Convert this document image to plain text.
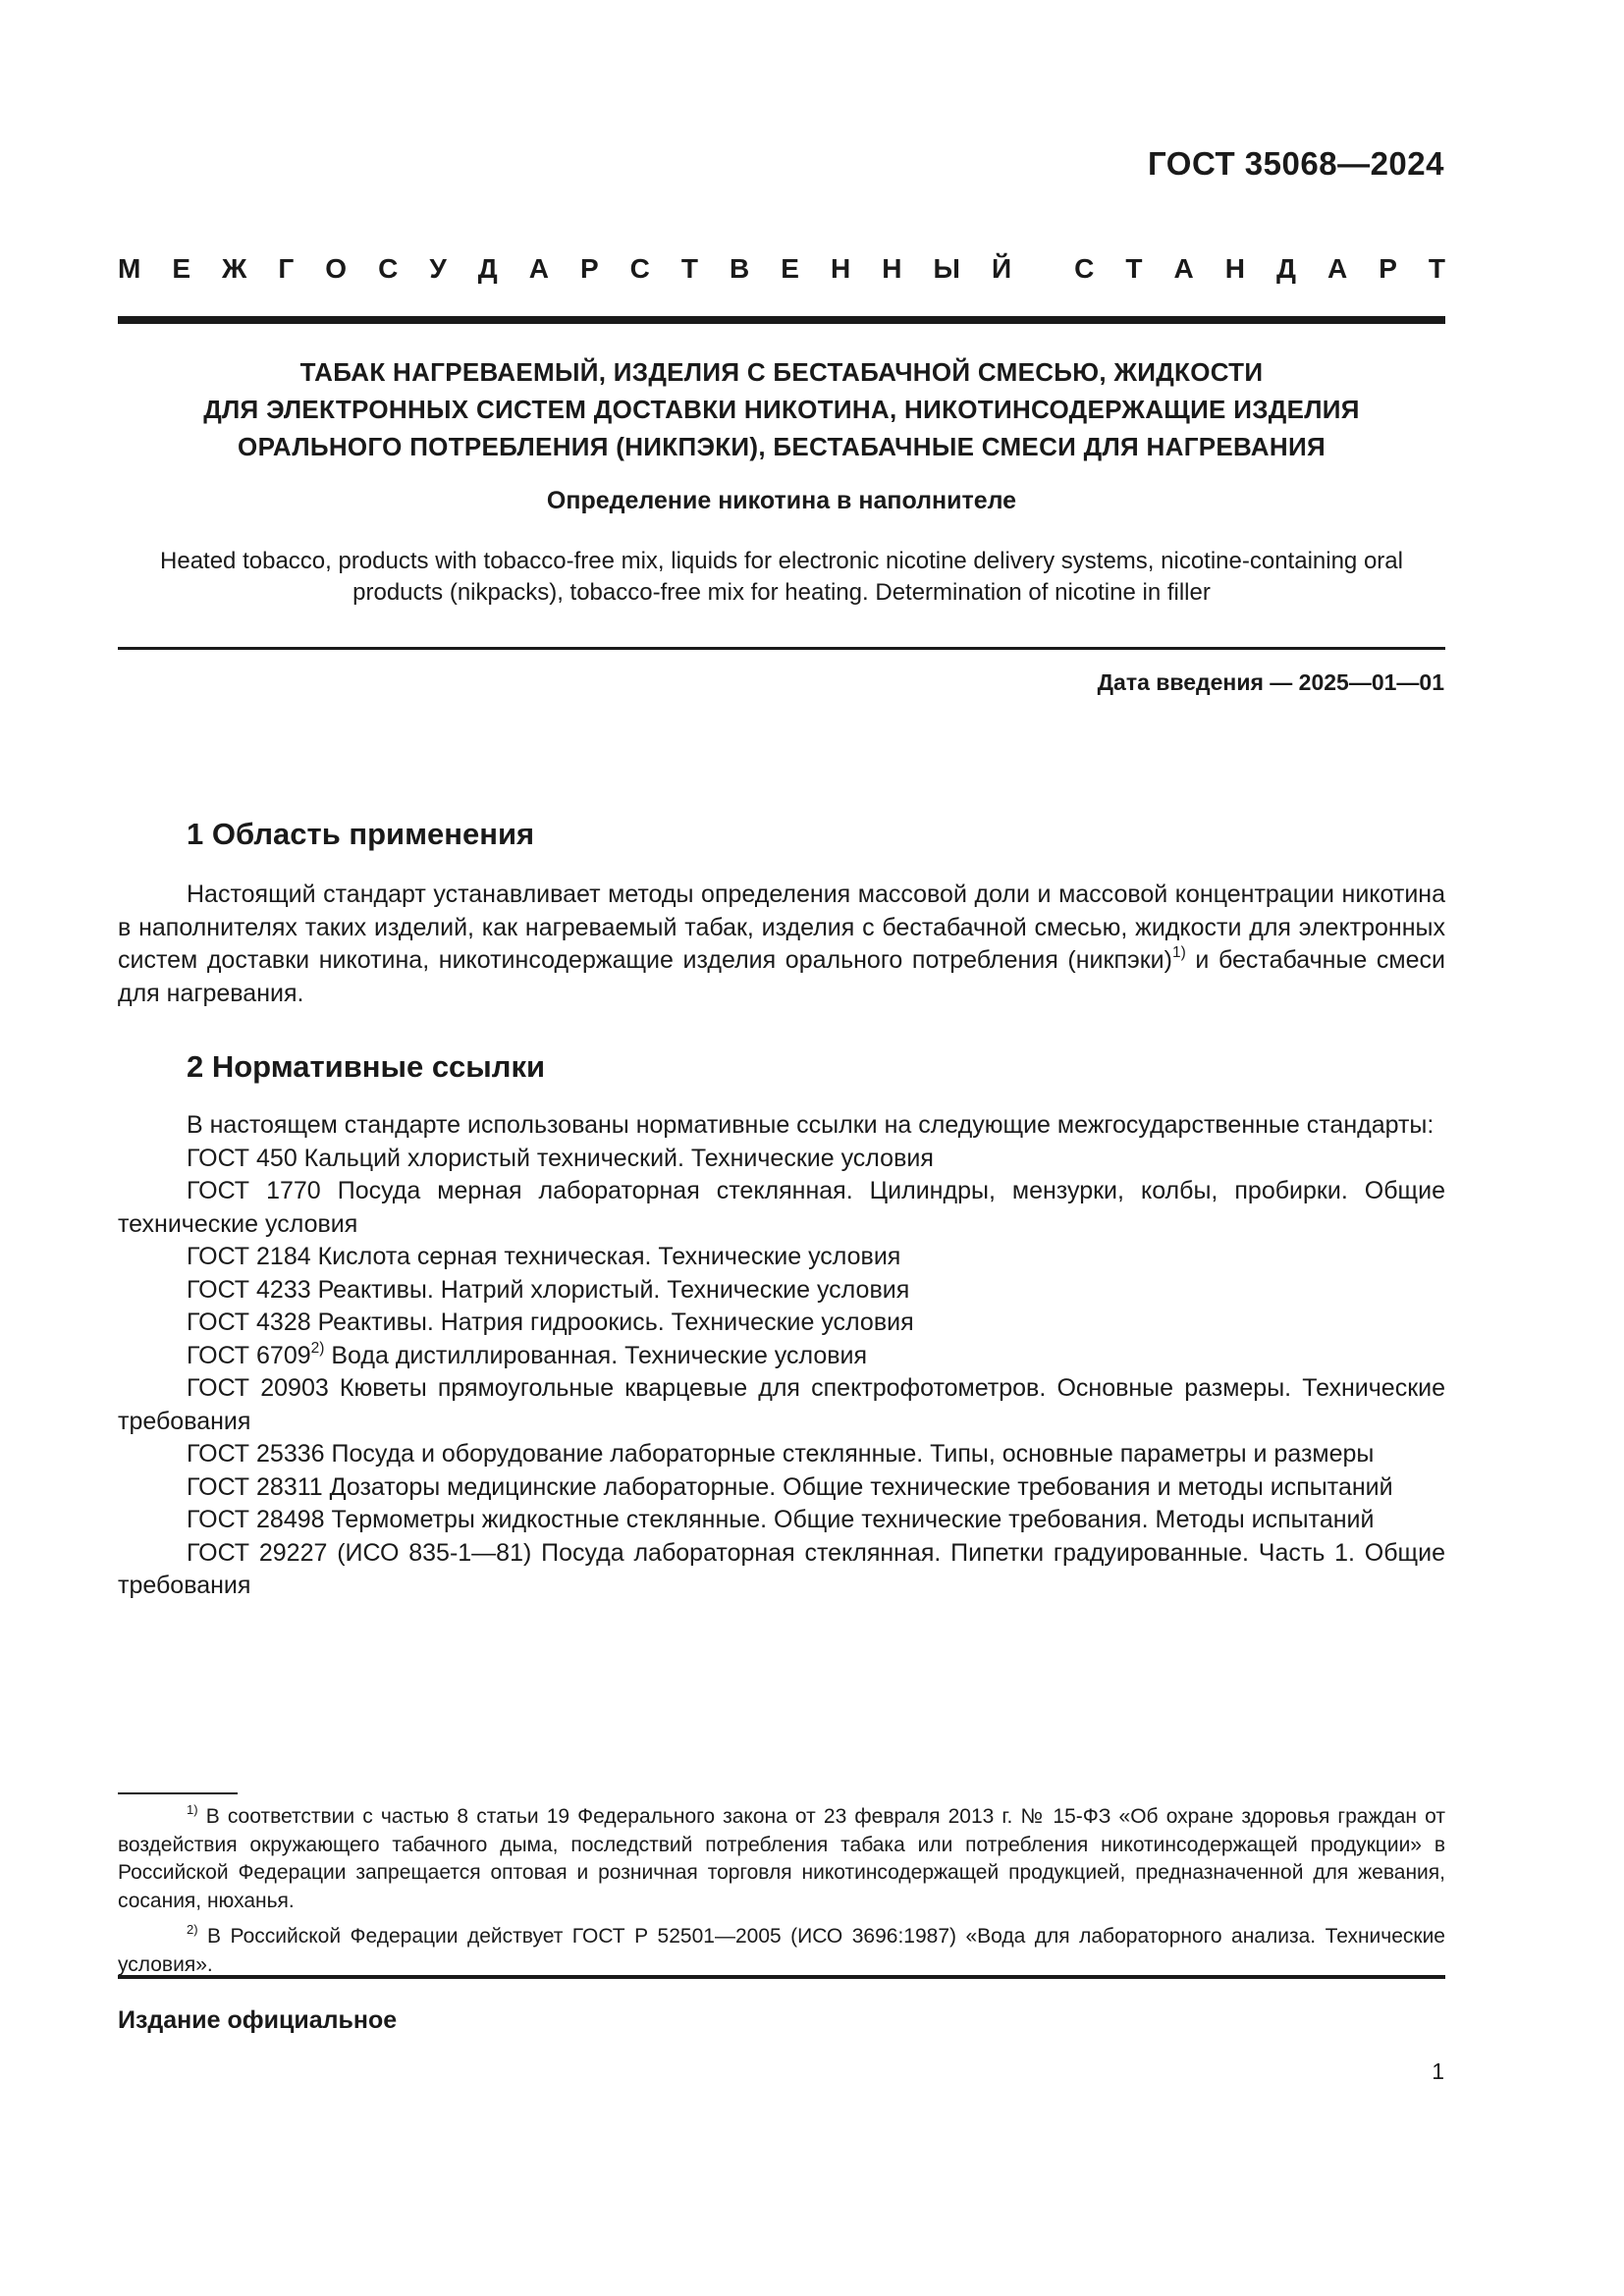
ГОСТ 35068—2024
М Е Ж Г О С У Д А Р С Т В Е Н Н Ы Й С Т А Н Д А Р Т
ТАБАК НАГРЕВАЕМЫЙ, ИЗДЕЛИЯ С БЕСТАБАЧНОЙ СМЕСЬЮ, ЖИДКОСТИ
ДЛЯ ЭЛЕКТРОННЫХ СИСТЕМ ДОСТАВКИ НИКОТИНА, НИКОТИНСОДЕРЖАЩИЕ ИЗДЕЛИЯ
ОРАЛЬНОГО ПОТРЕБЛЕНИЯ (НИКПЭКИ), БЕСТАБАЧНЫЕ СМЕСИ ДЛЯ НАГРЕВАНИЯ
Определение никотина в наполнителе
Heated tobacco, products with tobacco-free mix, liquids for electronic nicotine delivery systems, nicotine-containing oral
products (nikpacks), tobacco-free mix for heating. Determination of nicotine in filler
Дата введения — 2025—01—01
1 Область применения

Настоящий стандарт устанавливает методы определения массовой доли и массовой концентрации никотина в наполнителях таких изделий, как нагреваемый табак, изделия с бестабачной смесью, жидкости для электронных систем доставки никотина, никотинсодержащие изделия орального потребления (никпэки)$^{1)}$ и бестабачные смеси для нагревания.

2 Нормативные ссылки

В настоящем стандарте использованы нормативные ссылки на следующие межгосударственные стандарты:

ГОСТ 450 Кальций хлористый технический. Технические условия

ГОСТ 1770 Посуда мерная лабораторная стеклянная. Цилиндры, мензурки, колбы, пробирки. Общие технические условия

ГОСТ 2184 Кислота серная техническая. Технические условия

ГОСТ 4233 Реактивы. Натрий хлористый. Технические условия

ГОСТ 4328 Реактивы. Натрия гидроокись. Технические условия

ГОСТ 6709$^{2)}$ Вода дистиллированная. Технические условия

ГОСТ 20903 Кюветы прямоугольные кварцевые для спектрофотометров. Основные размеры. Технические требования

ГОСТ 25336 Посуда и оборудование лабораторные стеклянные. Типы, основные параметры и размеры

ГОСТ 28311 Дозаторы медицинские лабораторные. Общие технические требования и методы испытаний

ГОСТ 28498 Термометры жидкостные стеклянные. Общие технические требования. Методы испытаний

ГОСТ 29227 (ИСО 835-1—81) Посуда лабораторная стеклянная. Пипетки градуированные. Часть 1. Общие требования

$^{1)}$ В соответствии с частью 8 статьи 19 Федерального закона от 23 февраля 2013 г. № 15-ФЗ «Об охране здоровья граждан от воздействия окружающего табачного дыма, последствий потребления табака или потребления никотинсодержащей продукции» в Российской Федерации запрещается оптовая и розничная торговля никотинсодержащей продукцией, предназначенной для жевания, сосания, нюханья.

$^{2)}$ В Российской Федерации действует ГОСТ Р 52501—2005 (ИСО 3696:1987) «Вода для лабораторного анализа. Технические условия».

Издание официальное
1
